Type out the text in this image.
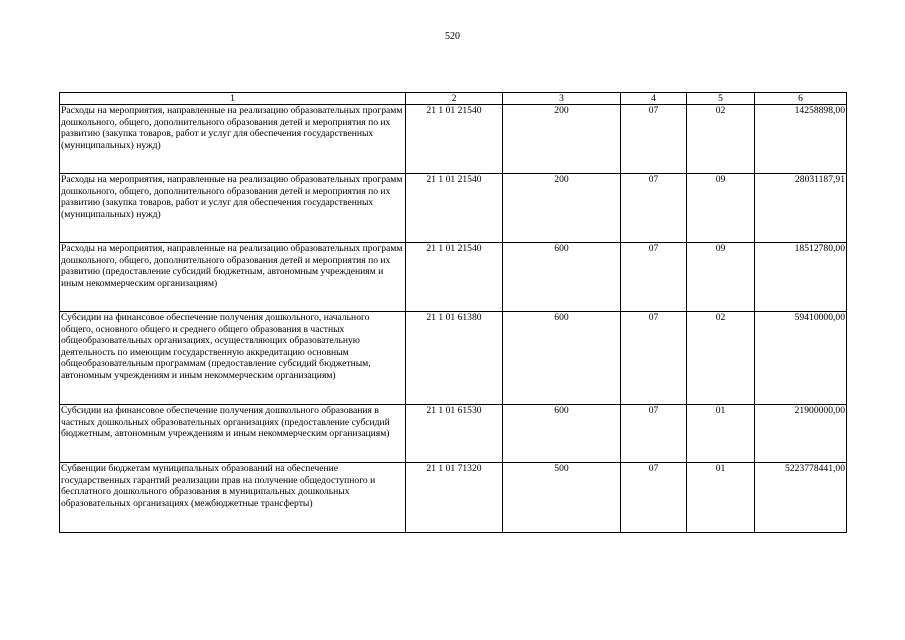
520
1	2	3	4	5	6
Расходы на мероприятия, направленные на реализацию образовательных программ дошкольного, общего, дополнительного образования детей и мероприятия по их развитию (закупка товаров, работ и услуг для обеспечения государственных (муниципальных) нужд)	21 1 01 21540	200	07	02	14258898,00
Расходы на мероприятия, направленные на реализацию образовательных программ дошкольного, общего, дополнительного образования детей и мероприятия по их развитию (закупка товаров, работ и услуг для обеспечения государственных (муниципальных) нужд)	21 1 01 21540	200	07	09	28031187,91
Расходы на мероприятия, направленные на реализацию образовательных программ дошкольного, общего, дополнительного образования детей и мероприятия по их развитию (предоставление субсидий бюджетным, автономным учреждениям и иным некоммерческим организациям)	21 1 01 21540	600	07	09	18512780,00
Субсидии на финансовое обеспечение получения дошкольного, начального общего, основного общего и среднего общего образования в частных общеобразовательных организациях, осуществляющих образовательную деятельность по имеющим государственную аккредитацию основным общеобразовательным программам (предоставление субсидий бюджетным, автономным учреждениям и иным некоммерческим организациям)	21 1 01 61380	600	07	02	59410000,00
Субсидии на финансовое обеспечение получения дошкольного образования в частных дошкольных образовательных организациях (предоставление субсидий бюджетным, автономным учреждениям и иным некоммерческим организациям)	21 1 01 61530	600	07	01	21900000,00
Субвенции бюджетам муниципальных образований на обеспечение государственных гарантий реализации прав на получение общедоступного и бесплатного дошкольного образования в муниципальных дошкольных образовательных организациях (межбюджетные трансферты)	21 1 01 71320	500	07	01	5223778441,00
